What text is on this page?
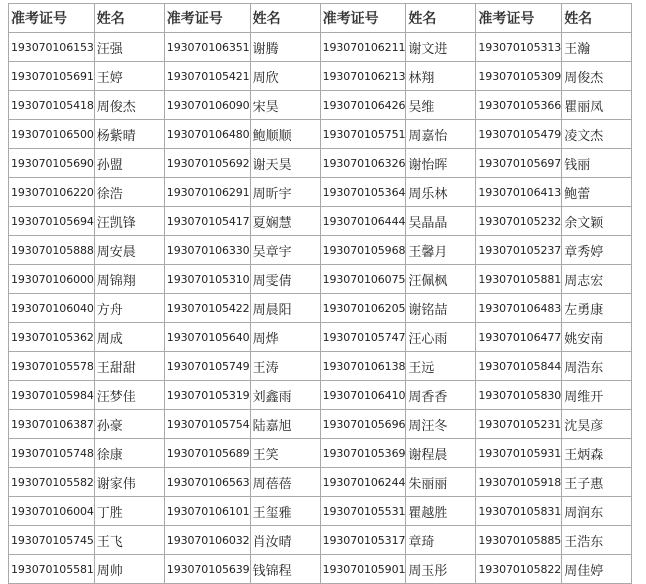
准考证号	姓名	准考证号	姓名	准考证号	姓名	准考证号	姓名
193070106153	汪强	193070106351	谢腾	193070106211	谢文进	193070105313	王瀚
193070105691	王婷	193070105421	周欣	193070106213	林翔	193070105309	周俊杰
193070105418	周俊杰	193070106090	宋昊	193070106426	吴维	193070105366	瞿丽凤
193070106500	杨紫晴	193070106480	鲍顺顺	193070105751	周嘉怡	193070105479	凌文杰
193070105690	孙盟	193070105692	谢天昊	193070106326	谢怡晖	193070105697	钱丽
193070106220	徐浩	193070106291	周昕宇	193070105364	周乐林	193070106413	鲍蕾
193070105694	汪凯锋	193070105417	夏娴慧	193070106444	吴晶晶	193070105232	余文颖
193070105888	周安晨	193070106330	吴章宇	193070105968	王馨月	193070105237	章秀婷
193070106000	周锦翔	193070105310	周雯倩	193070106075	汪佩枫	193070105881	周志宏
193070106040	方舟	193070105422	周晨阳	193070106205	谢铭喆	193070106483	左勇康
193070105362	周成	193070105640	周烨	193070105747	汪心雨	193070106477	姚安南
193070105578	王甜甜	193070105749	王涛	193070106138	王远	193070105844	周浩东
193070105984	汪梦佳	193070105319	刘鑫雨	193070106410	周香香	193070105830	周维开
193070106387	孙豪	193070105754	陆嘉旭	193070105696	周汪冬	193070105231	沈昊彦
193070105748	徐康	193070105689	王笑	193070105369	谢程晨	193070105931	王炳森
193070105582	谢家伟	193070106563	周蓓蓓	193070106244	朱丽丽	193070105918	王子惠
193070106004	丁胜	193070106101	王玺雅	193070105531	瞿越胜	193070105831	周润东
193070105745	王飞	193070106032	肖汝晴	193070105317	章琦	193070105885	王浩东
193070105581	周帅	193070105639	钱锦程	193070105901	周玉彤	193070105822	周佳婷
